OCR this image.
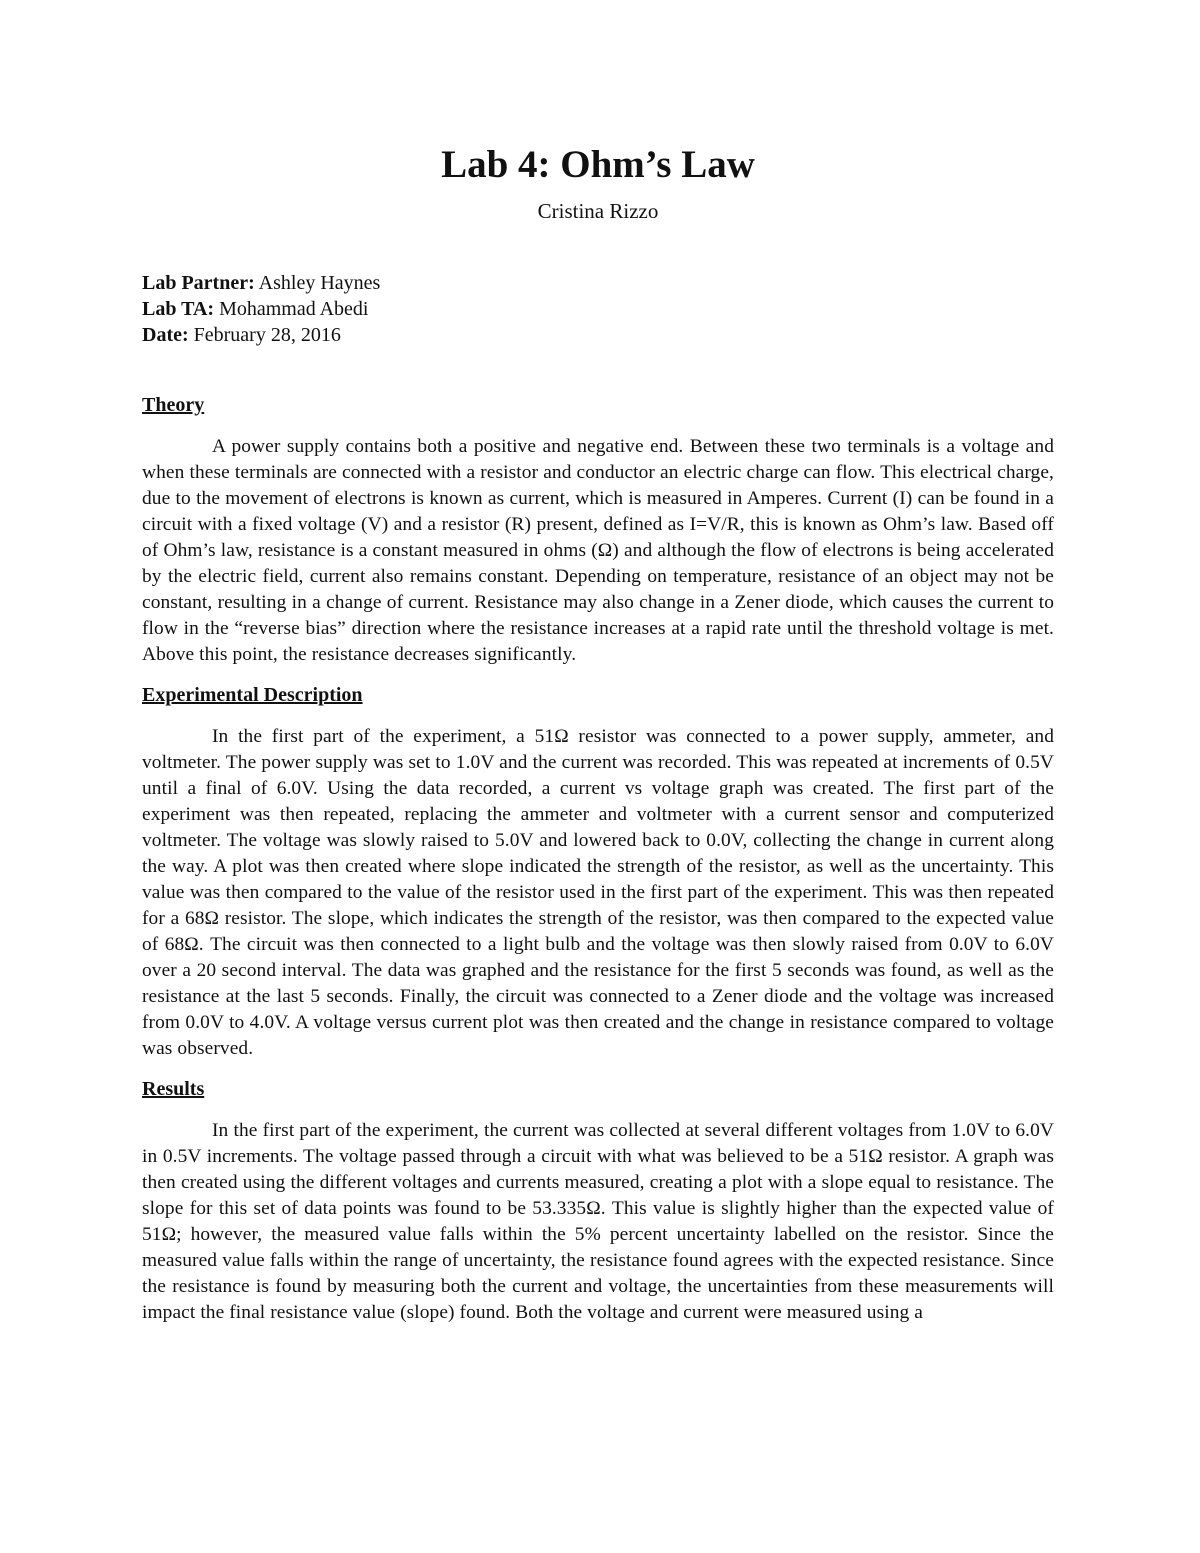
Lab 4: Ohm’s Law
Cristina Rizzo
Lab Partner: Ashley Haynes
Lab TA: Mohammad Abedi
Date: February 28, 2016
Theory

A power supply contains both a positive and negative end. Between these two terminals is a voltage and when these terminals are connected with a resistor and conductor an electric charge can flow. This electrical charge, due to the movement of electrons is known as current, which is measured in Amperes. Current (I) can be found in a circuit with a fixed voltage (V) and a resistor (R) present, defined as I=V/R, this is known as Ohm’s law. Based off of Ohm’s law, resistance is a constant measured in ohms (Ω) and although the flow of electrons is being accelerated by the electric field, current also remains constant. Depending on temperature, resistance of an object may not be constant, resulting in a change of current. Resistance may also change in a Zener diode, which causes the current to flow in the “reverse bias” direction where the resistance increases at a rapid rate until the threshold voltage is met. Above this point, the resistance decreases significantly.

Experimental Description

In the first part of the experiment, a 51Ω resistor was connected to a power supply, ammeter, and voltmeter. The power supply was set to 1.0V and the current was recorded. This was repeated at increments of 0.5V until a final of 6.0V. Using the data recorded, a current vs voltage graph was created. The first part of the experiment was then repeated, replacing the ammeter and voltmeter with a current sensor and computerized voltmeter. The voltage was slowly raised to 5.0V and lowered back to 0.0V, collecting the change in current along the way. A plot was then created where slope indicated the strength of the resistor, as well as the uncertainty. This value was then compared to the value of the resistor used in the first part of the experiment. This was then repeated for a 68Ω resistor. The slope, which indicates the strength of the resistor, was then compared to the expected value of 68Ω. The circuit was then connected to a light bulb and the voltage was then slowly raised from 0.0V to 6.0V over a 20 second interval. The data was graphed and the resistance for the first 5 seconds was found, as well as the resistance at the last 5 seconds. Finally, the circuit was connected to a Zener diode and the voltage was increased from 0.0V to 4.0V. A voltage versus current plot was then created and the change in resistance compared to voltage was observed.

Results

In the first part of the experiment, the current was collected at several different voltages from 1.0V to 6.0V in 0.5V increments. The voltage passed through a circuit with what was believed to be a 51Ω resistor. A graph was then created using the different voltages and currents measured, creating a plot with a slope equal to resistance. The slope for this set of data points was found to be 53.335Ω. This value is slightly higher than the expected value of 51Ω; however, the measured value falls within the 5% percent uncertainty labelled on the resistor. Since the measured value falls within the range of uncertainty, the resistance found agrees with the expected resistance. Since the resistance is found by measuring both the current and voltage, the uncertainties from these measurements will impact the final resistance value (slope) found. Both the voltage and current were measured using a
